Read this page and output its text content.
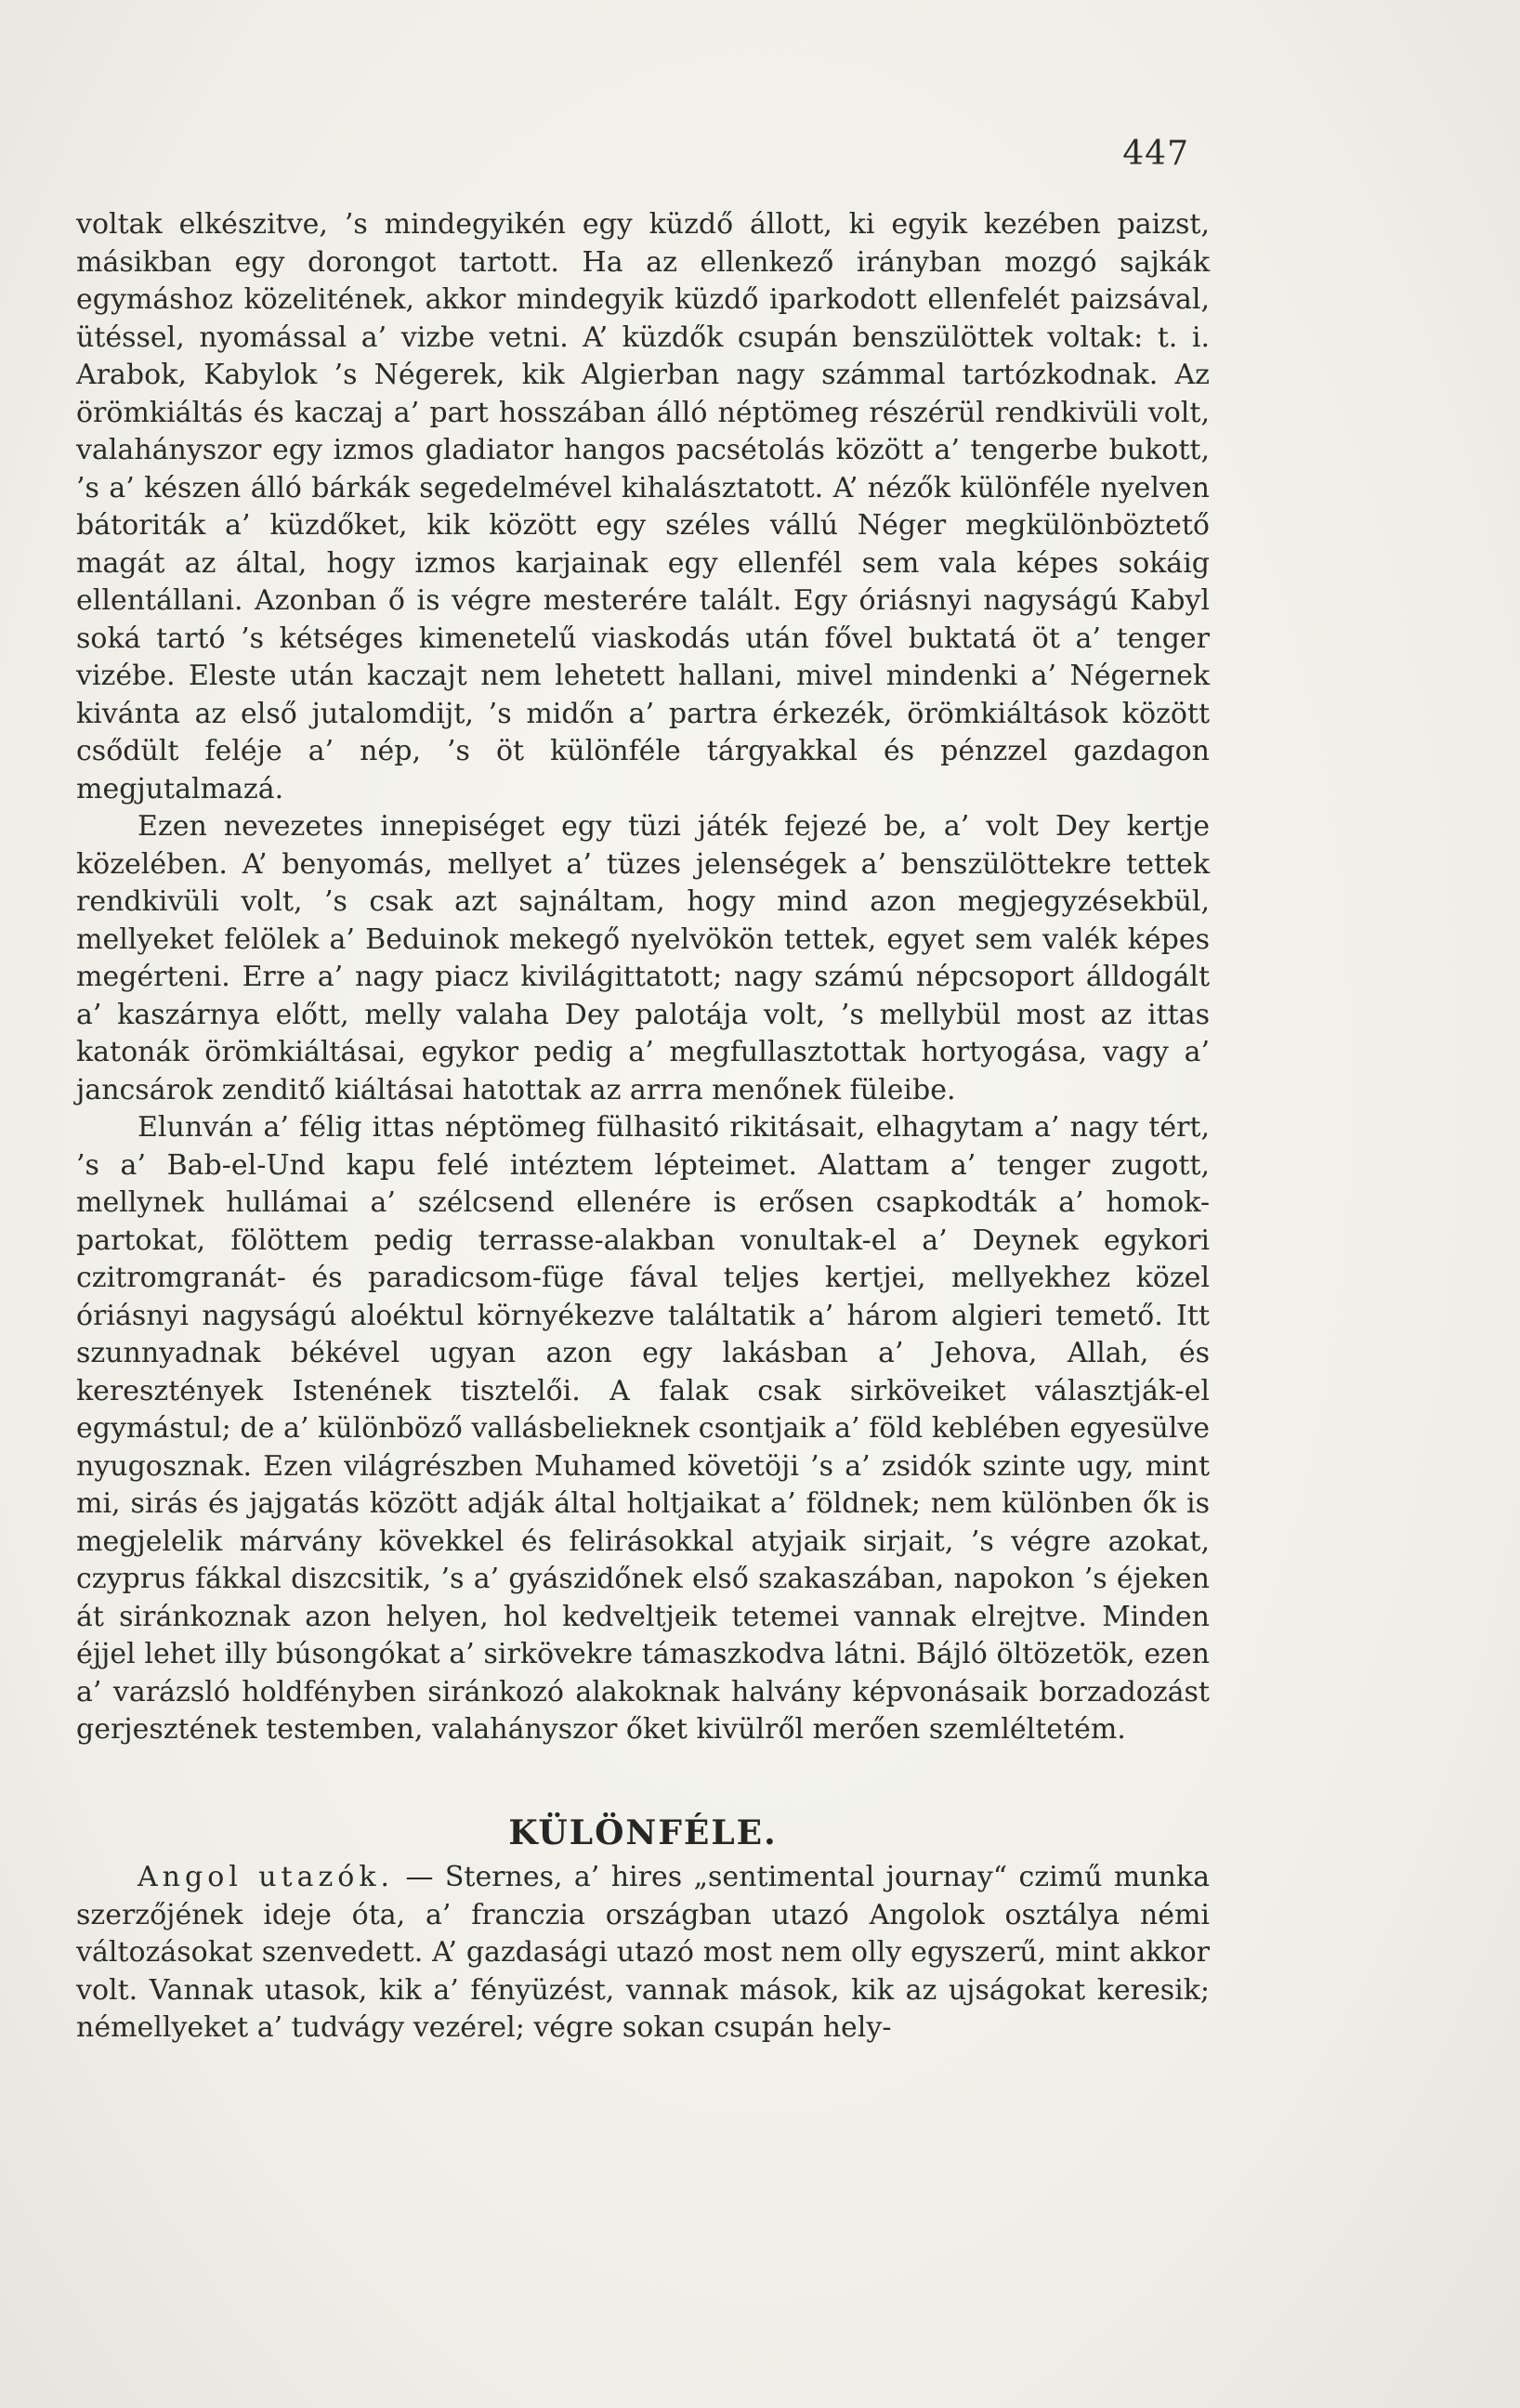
447

voltak elkészitve, ’s mindegyikén egy küzdő állott, ki egyik kezében paizst, másikban egy dorongot tartott. Ha az ellenkező irányban mozgó sajkák egymáshoz közelitének, akkor mindegyik küzdő iparkodott ellenfelét paizsával, ütéssel, nyomással a’ vizbe vetni. A’ küzdők csupán benszülöttek voltak: t. i. Arabok, Kabylok ’s Négerek, kik Algierban nagy számmal tartózkodnak. Az örömkiáltás és kaczaj a’ part hosszában álló néptömeg részérül rendkivüli volt, valahányszor egy izmos gladiator hangos pacsétolás között a’ tengerbe bukott, ’s a’ készen álló bárkák segedelmével kihalásztatott. A’ nézők különféle nyelven bátoriták a’ küzdőket, kik között egy széles vállú Néger megkülönböztető magát az által, hogy izmos karjainak egy ellenfél sem vala képes sokáig ellentállani. Azonban ő is végre mesterére talált. Egy óriásnyi nagyságú Kabyl soká tartó ’s kétséges kimenetelű viaskodás után fővel buktatá öt a’ tenger vizébe. Eleste után kaczajt nem lehetett hallani, mivel mindenki a’ Négernek kivánta az első jutalomdijt, ’s midőn a’ partra érkezék, örömkiáltások között csődült feléje a’ nép, ’s öt különféle tárgyakkal és pénzzel gazdagon megjutalmazá.

Ezen nevezetes innepiséget egy tüzi játék fejezé be, a’ volt Dey kertje közelében. A’ benyomás, mellyet a’ tüzes jelenségek a’ benszülöttekre tettek rendkivüli volt, ’s csak azt sajnáltam, hogy mind azon megjegyzésekbül, mellyeket felölek a’ Beduinok mekegő nyelvökön tettek, egyet sem valék képes megérteni. Erre a’ nagy piacz kivilágittatott; nagy számú népcsoport álldogált a’ kaszárnya előtt, melly valaha Dey palotája volt, ’s mellybül most az ittas katonák örömkiáltásai, egykor pedig a’ megfullasztottak hortyogása, vagy a’ jancsárok zenditő kiáltásai hatottak az arrra menőnek füleibe.

Elunván a’ félig ittas néptömeg fülhasitó rikitásait, elhagytam a’ nagy tért, ’s a’ Bab-el-Und kapu felé intéztem lépteimet. Alattam a’ tenger zugott, mellynek hullámai a’ szélcsend ellenére is erősen csapkodták a’ homok-partokat, fölöttem pedig terrasse-alakban vonultak-el a’ Deynek egykori czitromgranát- és paradicsom-füge fával teljes kertjei, mellyekhez közel óriásnyi nagyságú aloéktul környékezve találtatik a’ három algieri temető. Itt szunnyadnak békével ugyan azon egy lakásban a’ Jehova, Allah, és keresztények Istenének tisztelői. A falak csak sirköveiket választják-el egymástul; de a’ különböző vallásbelieknek csontjaik a’ föld keblében egyesülve nyugosznak. Ezen világrészben Muhamed követöji ’s a’ zsidók szinte ugy, mint mi, sirás és jajgatás között adják által holtjaikat a’ földnek; nem különben ők is megjelelik márvány kövekkel és felirásokkal atyjaik sirjait, ’s végre azokat, czyprus fákkal diszcsitik, ’s a’ gyászidőnek első szakaszában, napokon ’s éjeken át siránkoznak azon helyen, hol kedveltjeik tetemei vannak elrejtve. Minden éjjel lehet illy búsongókat a’ sirkövekre támaszkodva látni. Bájló öltözetök, ezen a’ varázsló holdfényben siránkozó alakoknak halvány képvonásaik borzadozást gerjesztének testemben, valahányszor őket kivülről merően szemléltetém.

KÜLÖNFÉLE.

Angol utazók. — Sternes, a’ hires „sentimental journay“ czimű munka szerzőjének ideje óta, a’ franczia országban utazó Angolok osztálya némi változásokat szenvedett. A’ gazdasági utazó most nem olly egyszerű, mint akkor volt. Vannak utasok, kik a’ fényüzést, vannak mások, kik az ujságokat keresik; némellyeket a’ tudvágy vezérel; végre sokan csupán hely-
